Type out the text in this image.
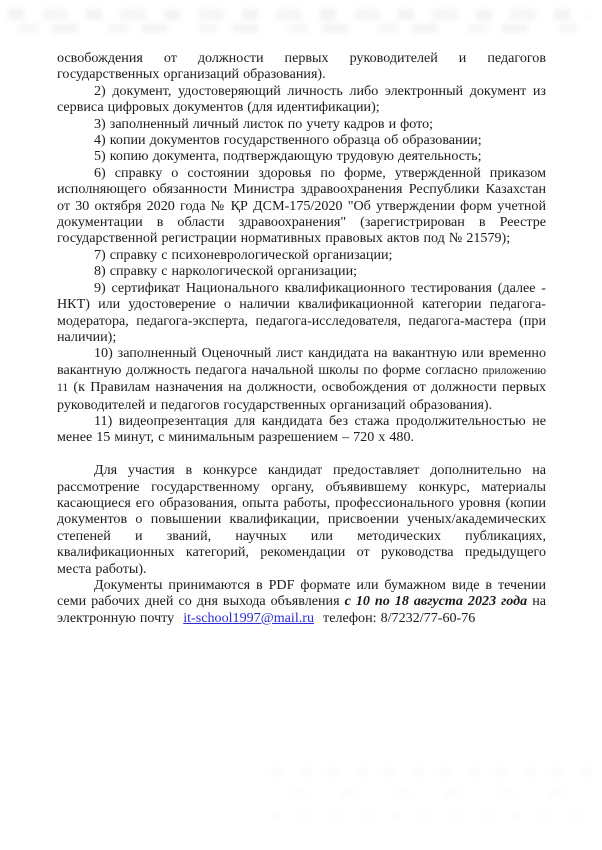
освобождения от должности первых руководителей и педагогов государственных организаций образования).

2) документ, удостоверяющий личность либо электронный документ из сервиса цифровых документов (для идентификации);

3) заполненный личный листок по учету кадров и фото;

4) копии документов государственного образца об образовании;

5) копию документа, подтверждающую трудовую деятельность;

6) справку о состоянии здоровья по форме, утвержденной приказом исполняющего обязанности Министра здравоохранения Республики Казахстан от 30 октября 2020 года № ҚР ДСМ-175/2020 "Об утверждении форм учетной документации в области здравоохранения" (зарегистрирован в Реестре государственной регистрации нормативных правовых актов под № 21579);

7) справку с психоневрологической организации;

8) справку с наркологической организации;

9) сертификат Национального квалификационного тестирования (далее - НКТ) или удостоверение о наличии квалификационной категории педагога-модератора, педагога-эксперта, педагога-исследователя, педагога-мастера (при наличии);

10) заполненный Оценочный лист кандидата на вакантную или временно вакантную должность педагога начальной школы по форме согласно приложению 11 (к Правилам назначения на должности, освобождения от должности первых руководителей и педагогов государственных организаций образования).

11) видеопрезентация для кандидата без стажа продолжительностью не менее 15 минут, с минимальным разрешением – 720 х 480.

Для участия в конкурсе кандидат предоставляет дополнительно на рассмотрение государственному органу, объявившему конкурс, материалы касающиеся его образования, опыта работы, профессионального уровня (копии документов о повышении квалификации, присвоении ученых/академических степеней и званий, научных или методических публикациях, квалификационных категорий, рекомендации от руководства предыдущего места работы).

Документы принимаются в PDF формате или бумажном виде в течении семи рабочих дней со дня выхода объявления с 10 по 18 августа 2023 года на электронную почту it-school1997@mail.ru телефон: 8/7232/77-60-76
